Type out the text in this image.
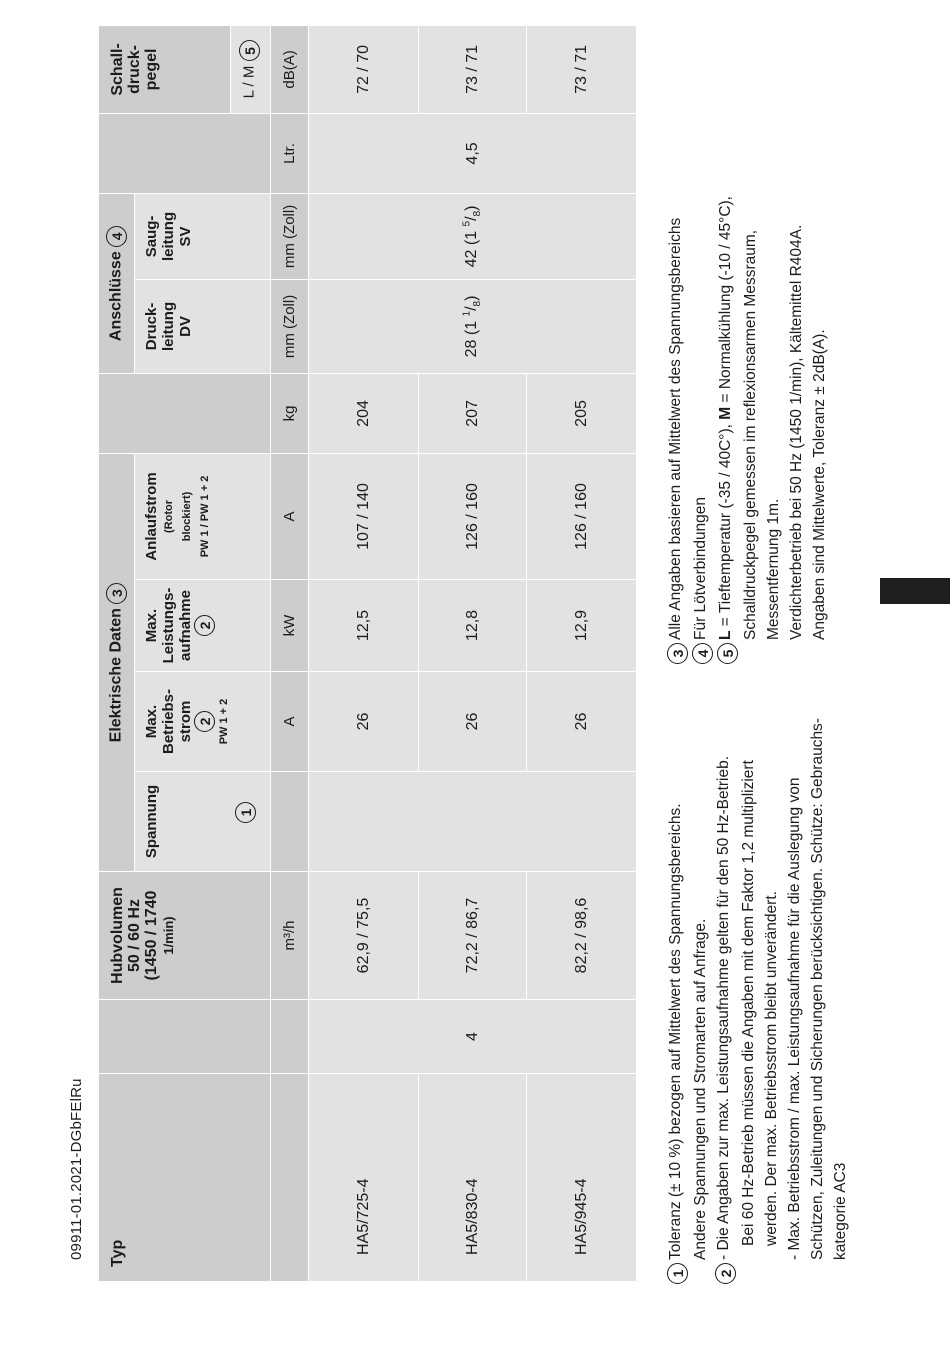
09911-01.2021-DGbFElRu Typ		Hubvolumen 50 / 60 Hz (1450 / 1740 1/min)	Elektrische Daten 3					Anschlüsse 4			Schall- druck- pegel

			Spannung 1	Max. Betriebs- strom 2 PW 1 + 2	Max. Leistungs- aufnahme 2	Anlaufstrom (Rotor blockiert) PW 1 / PW 1 + 2		Druck- leitung DV	Saug- leitung SV		

											L / M 5
		m³/h		A	kW	A	kg	mm (Zoll)	mm (Zoll)	Ltr.	dB(A)
HA5/725-4	4	62,9 / 75,5		26	12,5	107 / 140	204	28 (1 $^1/_8$)	42 (1 $^5/_8$)	4,5	72 / 70
HA5/830-4		72,2 / 86,7		26	12,8	126 / 160	207				73 / 71
HA5/945-4		82,2 / 98,6		26	12,9	126 / 160	205				73 / 71
1
Toleranz (± 10 %) bezogen auf Mittelwert des Spannungsbereichs. Andere Spannungen und Stromarten auf Anfrage.
2
- Die Angaben zur max. Leistungsaufnahme gelten für den 50 Hz-Betrieb. Bei 60 Hz-Betrieb müssen die Angaben mit dem Faktor 1,2 multipliziert werden. Der max. Betriebsstrom bleibt unverändert. - Max. Betriebsstrom / max. Leistungsaufnahme für die Auslegung von Schützen, Zuleitungen und Sicherungen berücksichtigen. Schütze: Gebrauchs- kategorie AC3
3
Alle Angaben basieren auf Mittelwert des Spannungsbereichs
4
Für Lötverbindungen
5
L = Tieftemperatur (-35 / 40C°), M = Normalkühlung (-10 / 45°C), Schalldruckpegel gemessen im reflexionsarmen Messraum, Messentfernung 1m. Verdichterbetrieb bei 50 Hz (1450 1/min), Kältemittel R404A. Angaben sind Mittelwerte, Toleranz ± 2dB(A).
